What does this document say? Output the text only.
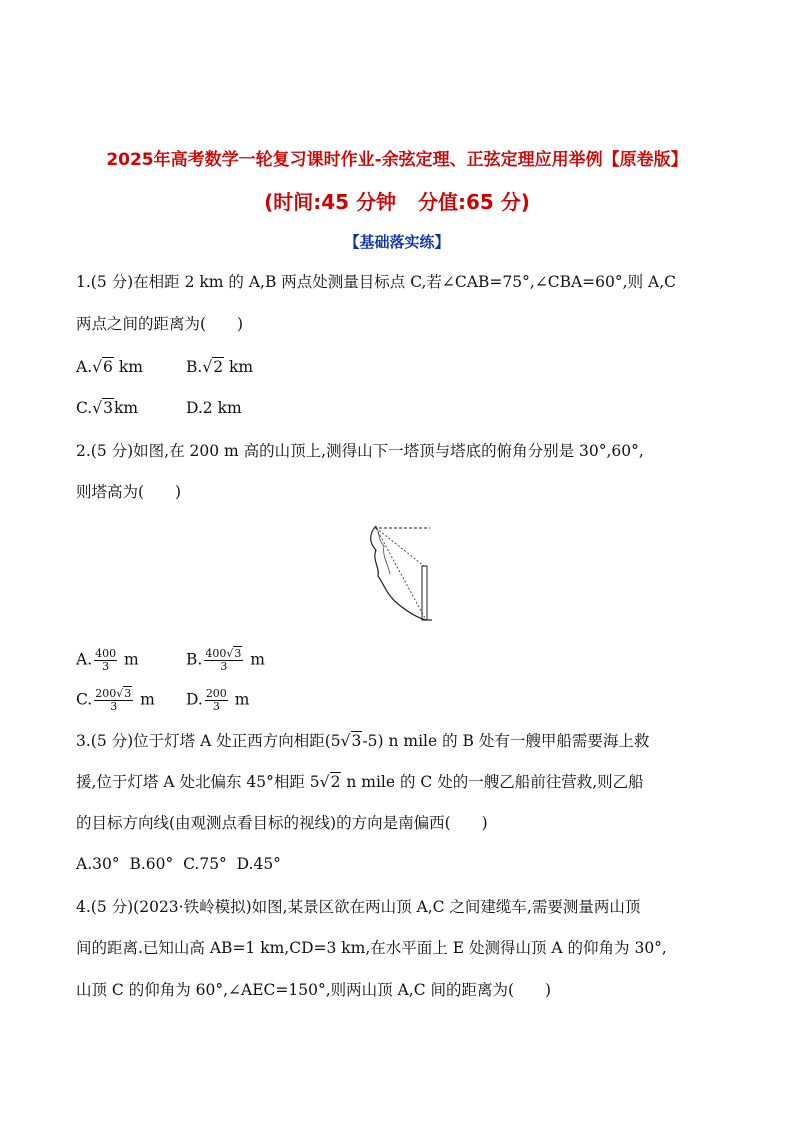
2025年高考数学一轮复习课时作业-余弦定理、正弦定理应用举例【原卷版】
(时间:45 分钟 分值:65 分)
【基础落实练】
1.(5 分)在相距 2 km 的 A,B 两点处测量目标点 C,若∠CAB=75°,∠CBA=60°,则 A,C
两点之间的距离为(　　)
A.√6 km	B.√2 km
C.√3km	D.2 km
2.(5 分)如图,在 200 m 高的山顶上,测得山下一塔顶与塔底的俯角分别是 30°,60°,
则塔高为(　　)
A. $\frac{400}{3}$ m	B. $\frac{400√3}{3}$ m
C. $\frac{200√3}{3}$ m D. $\frac{200}{3}$ m
3.(5 分)位于灯塔 A 处正西方向相距(5√3-5) n mile 的 B 处有一艘甲船需要海上救
援,位于灯塔 A 处北偏东 45°相距 5√2 n mile 的 C 处的一艘乙船前往营救,则乙船
的目标方向线(由观测点看目标的视线)的方向是南偏西(　　)
A.30°  B.60°  C.75°  D.45°
4.(5 分)(2023·铁岭模拟)如图,某景区欲在两山顶 A,C 之间建缆车,需要测量两山顶
间的距离.已知山高 AB=1 km,CD=3 km,在水平面上 E 处测得山顶 A 的仰角为 30°,
山顶 C 的仰角为 60°,∠AEC=150°,则两山顶 A,C 间的距离为(　　)
